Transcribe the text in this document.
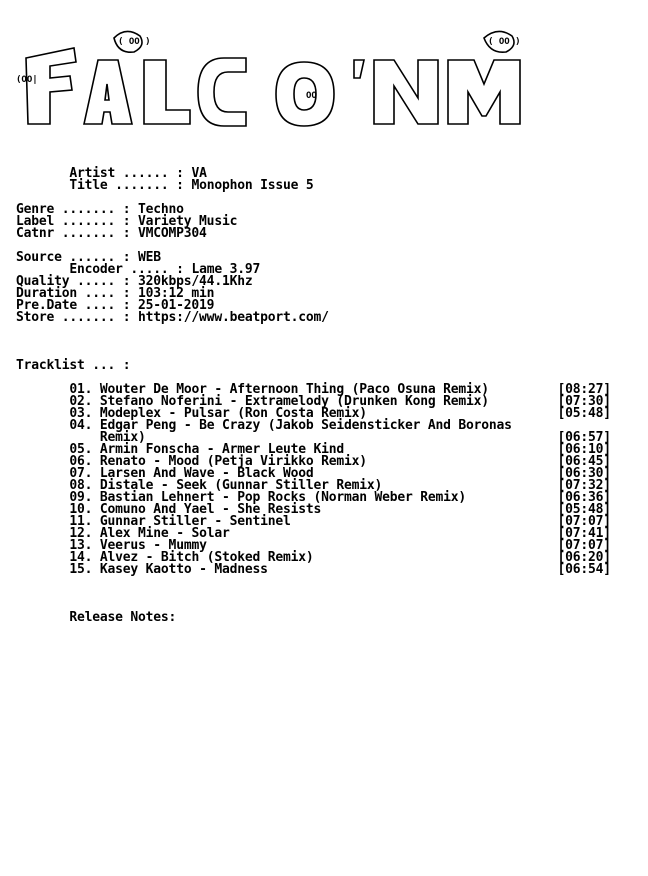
( OO )	( OO )
OO
(OO|

Artist ...... : VA
Title ....... : Monophon Issue 5

Genre ....... : Techno
Label ....... : Variety Music
Catnr ....... : VMCOMP304

Source ...... : WEB
Encoder ..... : Lame 3.97
Quality ..... : 320kbps/44.1Khz
Duration .... : 103:12 min
Pre.Date .... : 25-01-2019
Store ....... : https://www.beatport.com/

Tracklist ... :

01. Wouter De Moor - Afternoon Thing (Paco Osuna Remix)	[08:27]
02. Stefano Noferini - Extramelody (Drunken Kong Remix)	[07:30]
03. Modeplex - Pulsar (Ron Costa Remix)	[05:48]
04. Edgar Peng - Be Crazy (Jakob Seidensticker And Boronas
Remix)	[06:57]
05. Armin Fonscha - Armer Leute Kind	[06:10]
06. Renato - Mood (Petja Virikko Remix)	[06:45]
07. Larsen And Wave - Black Wood	[06:30]
08. Distale - Seek (Gunnar Stiller Remix)	[07:32]
09. Bastian Lehnert - Pop Rocks (Norman Weber Remix)	[06:36]
10. Comuno And Yael - She Resists	[05:48]
11. Gunnar Stiller - Sentinel	[07:07]
12. Alex Mine - Solar	[07:41]
13. Veerus - Mummy	[07:07]
14. Alvez - Bitch (Stoked Remix)	[06:20]
15. Kasey Kaotto - Madness	[06:54]

Release Notes:
